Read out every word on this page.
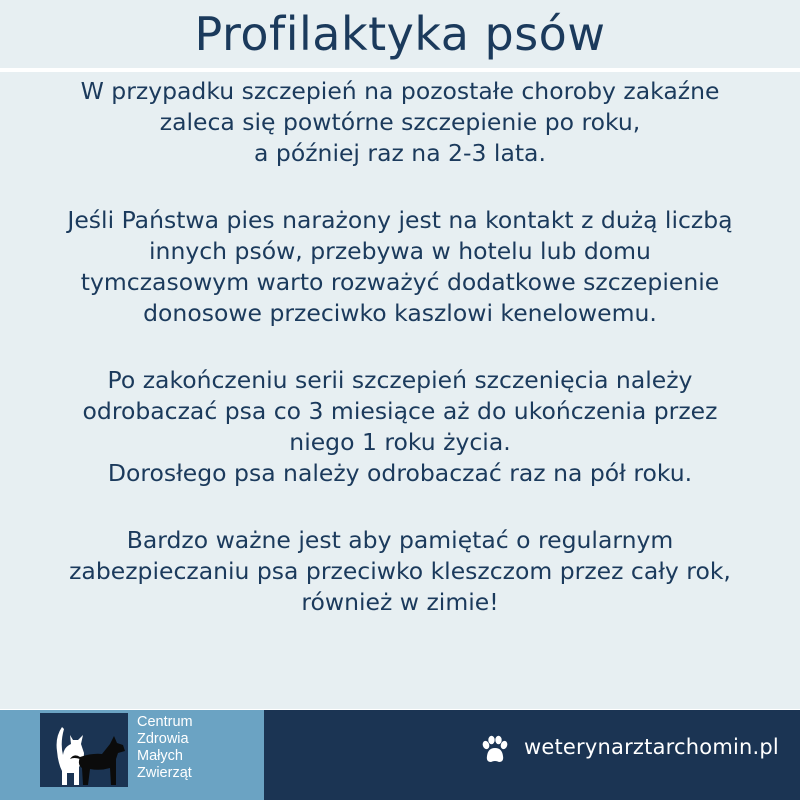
Profilaktyka psów

W przypadku szczepień na pozostałe choroby zakaźne
zaleca się powtórne szczepienie po roku,
a później raz na 2-3 lata.

Jeśli Państwa pies narażony jest na kontakt z dużą liczbą
innych psów, przebywa w hotelu lub domu
tymczasowym warto rozważyć dodatkowe szczepienie
donosowe przeciwko kaszlowi kenelowemu.

Po zakończeniu serii szczepień szczenięcia należy
odrobaczać psa co 3 miesiące aż do ukończenia przez
niego 1 roku życia.
Dorosłego psa należy odrobaczać raz na pół roku.

Bardzo ważne jest aby pamiętać o regularnym
zabezpieczaniu psa przeciwko kleszczom przez cały rok,
również w zimie!

Centrum
Zdrowia
Małych
Zwierząt
weterynarztarchomin.pl
